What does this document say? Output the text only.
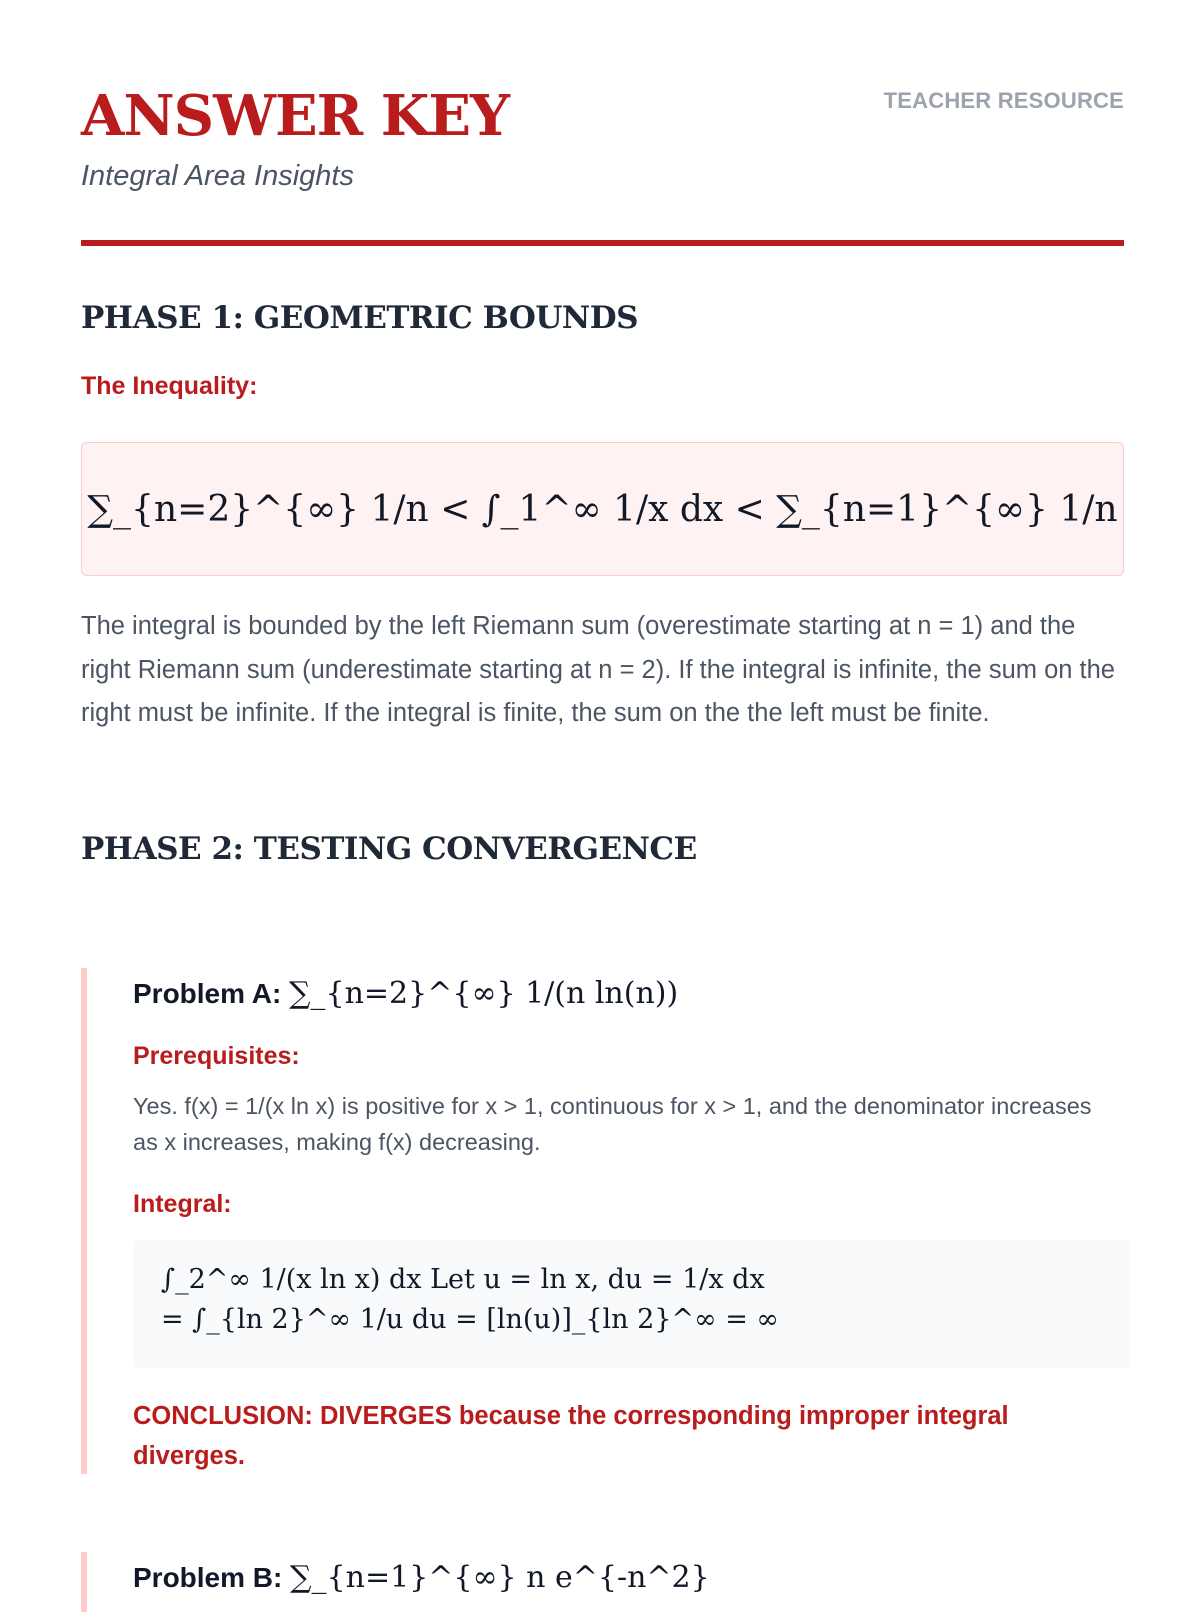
ANSWER KEY
Integral Area Insights
TEACHER RESOURCE
PHASE 1: GEOMETRIC BOUNDS
The Inequality:
∑_{n=2}^{∞} 1/n < ∫_1^∞ 1/x dx < ∑_{n=1}^{∞} 1/n
The integral is bounded by the left Riemann sum (overestimate starting at n = 1) and the right Riemann sum (underestimate starting at n = 2). If the integral is infinite, the sum on the right must be infinite. If the integral is finite, the sum on the the left must be finite.
PHASE 2: TESTING CONVERGENCE
Problem A: ∑_{n=2}^{∞} 1/(n ln(n))
Prerequisites:
Yes. f(x) = 1/(x ln x) is positive for x > 1, continuous for x > 1, and the denominator increases as x increases, making f(x) decreasing.
Integral:
∫_2^∞ 1/(x ln x) dx Let u = ln x, du = 1/x dx
= ∫_{ln 2}^∞ 1/u du = [ln(u)]_{ln 2}^∞ = ∞
CONCLUSION: DIVERGES because the corresponding improper integral diverges.
Problem B: ∑_{n=1}^{∞} n e^{-n^2}
